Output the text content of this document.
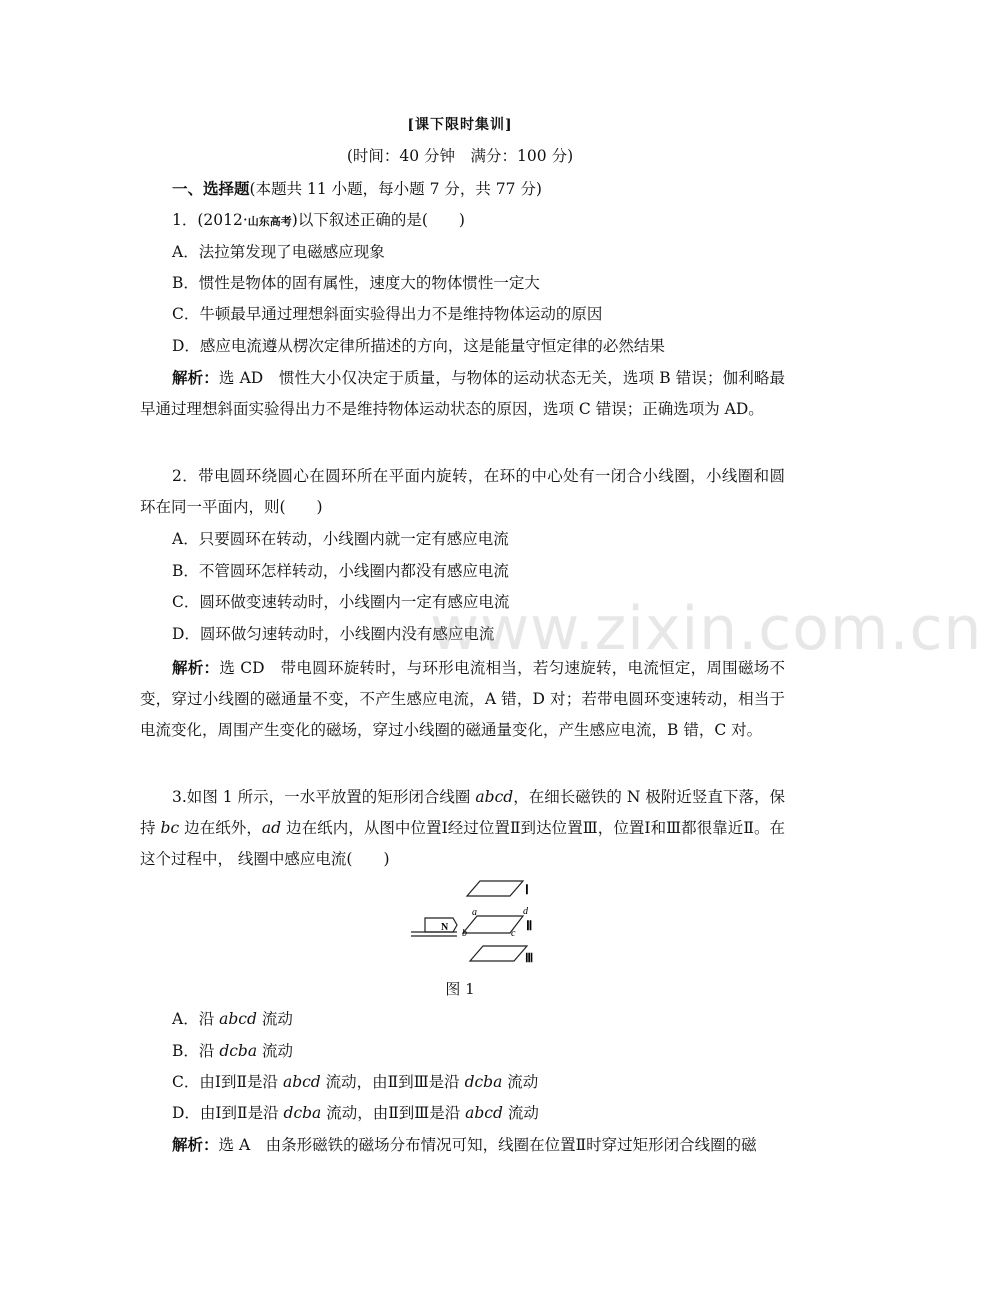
[课下限时集训]
(时间：40 分钟　满分：100 分)
一、选择题(本题共 11 小题，每小题 7 分，共 77 分)
1．(2012·山东高考)以下叙述正确的是(　　)
A．法拉第发现了电磁感应现象
B．惯性是物体的固有属性，速度大的物体惯性一定大
C．牛顿最早通过理想斜面实验得出力不是维持物体运动的原因
D．感应电流遵从楞次定律所描述的方向，这是能量守恒定律的必然结果
解析：选 AD　惯性大小仅决定于质量，与物体的运动状态无关，选项 B 错误；伽利略最早通过理想斜面实验得出力不是维持物体运动状态的原因，选项 C 错误；正确选项为 AD。
2．带电圆环绕圆心在圆环所在平面内旋转，在环的中心处有一闭合小线圈，小线圈和圆环在同一平面内，则(　　)
A．只要圆环在转动，小线圈内就一定有感应电流
B．不管圆环怎样转动，小线圈内都没有感应电流
C．圆环做变速转动时，小线圈内一定有感应电流
D．圆环做匀速转动时，小线圈内没有感应电流
解析：选 CD　带电圆环旋转时，与环形电流相当，若匀速旋转，电流恒定，周围磁场不变，穿过小线圈的磁通量不变，不产生感应电流，A 错，D 对；若带电圆环变速转动，相当于电流变化，周围产生变化的磁场，穿过小线圈的磁通量变化，产生感应电流，B 错，C 对。
3.如图 1 所示，一水平放置的矩形闭合线圈 abcd，在细长磁铁的 N 极附近竖直下落，保持 bc 边在纸外，ad 边在纸内，从图中位置Ⅰ经过位置Ⅱ到达位置Ⅲ，位置Ⅰ和Ⅲ都很靠近Ⅱ。在这个过程中， 线圈中感应电流(　　)
Ⅰ
a	d
b	c
Ⅱ
N
Ⅲ
图 1
A．沿 abcd 流动
B．沿 dcba 流动
C．由Ⅰ到Ⅱ是沿 abcd 流动，由Ⅱ到Ⅲ是沿 dcba 流动
D．由Ⅰ到Ⅱ是沿 dcba 流动，由Ⅱ到Ⅲ是沿 abcd 流动
解析：选 A　由条形磁铁的磁场分布情况可知，线圈在位置Ⅱ时穿过矩形闭合线圈的磁
www.zixin.com.cn
